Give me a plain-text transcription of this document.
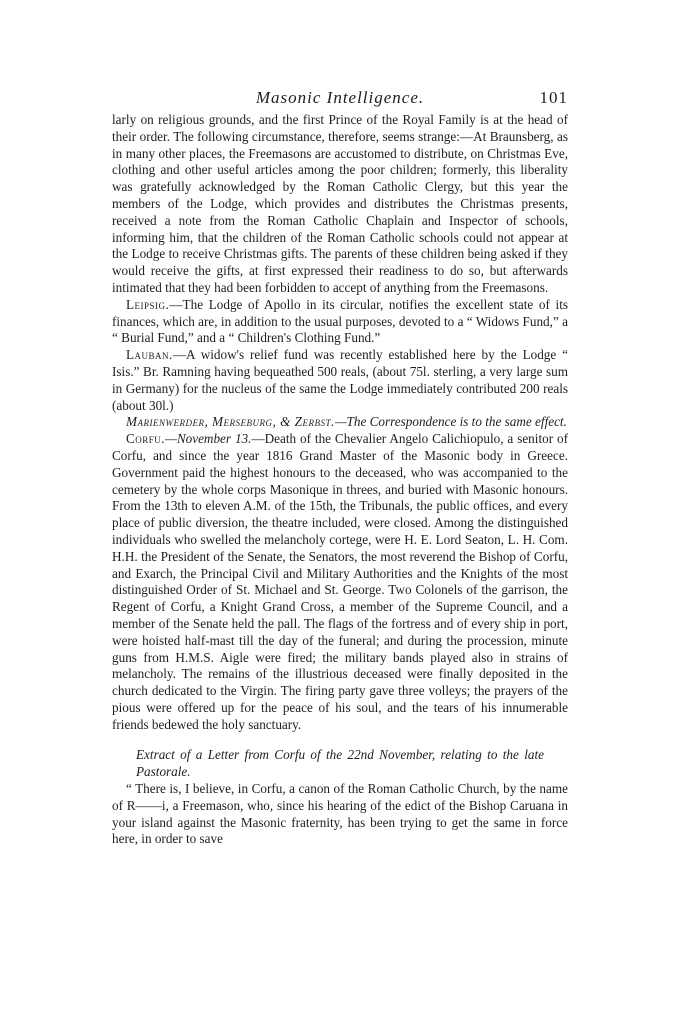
Masonic Intelligence.	101

larly on religious grounds, and the first Prince of the Royal Family is at the head of their order. The following circumstance, therefore, seems strange:—At Braunsberg, as in many other places, the Freemasons are accustomed to distribute, on Christmas Eve, clothing and other useful articles among the poor children; formerly, this liberality was gratefully acknowledged by the Roman Catholic Clergy, but this year the members of the Lodge, which provides and distributes the Christmas presents, received a note from the Roman Catholic Chaplain and Inspector of schools, informing him, that the children of the Roman Catholic schools could not appear at the Lodge to receive Christmas gifts. The parents of these children being asked if they would receive the gifts, at first expressed their readiness to do so, but afterwards intimated that they had been forbidden to accept of anything from the Freemasons.

Leipsig.—The Lodge of Apollo in its circular, notifies the excellent state of its finances, which are, in addition to the usual purposes, devoted to a “ Widows Fund,” a “ Burial Fund,” and a “ Children's Clothing Fund.”

Lauban.—A widow's relief fund was recently established here by the Lodge “ Isis.” Br. Ramning having bequeathed 500 reals, (about 75l. sterling, a very large sum in Germany) for the nucleus of the same the Lodge immediately contributed 200 reals (about 30l.)

Marienwerder, Merseburg, & Zerbst.—The Correspondence is to the same effect.

Corfu.—November 13.—Death of the Chevalier Angelo Calichiopulo, a senitor of Corfu, and since the year 1816 Grand Master of the Masonic body in Greece. Government paid the highest honours to the deceased, who was accompanied to the cemetery by the whole corps Masonique in threes, and buried with Masonic honours. From the 13th to eleven A.M. of the 15th, the Tribunals, the public offices, and every place of public diversion, the theatre included, were closed. Among the distinguished individuals who swelled the melancholy cortege, were H. E. Lord Seaton, L. H. Com. H.H. the President of the Senate, the Senators, the most reverend the Bishop of Corfu, and Exarch, the Principal Civil and Military Authorities and the Knights of the most distinguished Order of St. Michael and St. George. Two Colonels of the garrison, the Regent of Corfu, a Knight Grand Cross, a member of the Supreme Council, and a member of the Senate held the pall. The flags of the fortress and of every ship in port, were hoisted half-mast till the day of the funeral; and during the procession, minute guns from H.M.S. Aigle were fired; the military bands played also in strains of melancholy. The remains of the illustrious deceased were finally deposited in the church dedicated to the Virgin. The firing party gave three volleys; the prayers of the pious were offered up for the peace of his soul, and the tears of his innumerable friends bedewed the holy sanctuary.

Extract of a Letter from Corfu of the 22nd November, relating to the late Pastorale.

“ There is, I believe, in Corfu, a canon of the Roman Catholic Church, by the name of R——i, a Freemason, who, since his hearing of the edict of the Bishop Caruana in your island against the Masonic fraternity, has been trying to get the same in force here, in order to save
